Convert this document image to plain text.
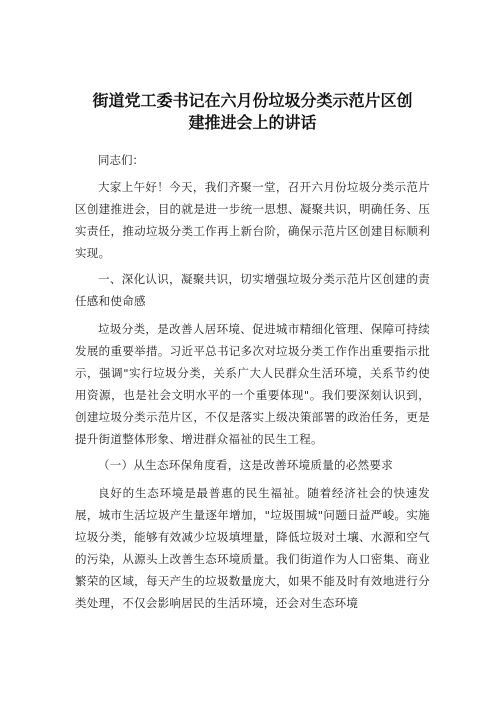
街道党工委书记在六月份垃圾分类示范片区创
建推进会上的讲话

同志们：

大家上午好！今天，我们齐聚一堂，召开六月份垃圾分类示范片区创建推进会，目的就是进一步统一思想、凝聚共识，明确任务、压实责任，推动垃圾分类工作再上新台阶，确保示范片区创建目标顺利实现。

一、深化认识，凝聚共识，切实增强垃圾分类示范片区创建的责任感和使命感

垃圾分类，是改善人居环境、促进城市精细化管理、保障可持续发展的重要举措。习近平总书记多次对垃圾分类工作作出重要指示批示，强调"实行垃圾分类，关系广大人民群众生活环境，关系节约使用资源，也是社会文明水平的一个重要体现"。我们要深刻认识到，创建垃圾分类示范片区，不仅是落实上级决策部署的政治任务，更是提升街道整体形象、增进群众福祉的民生工程。

（一）从生态环保角度看，这是改善环境质量的必然要求

良好的生态环境是最普惠的民生福祉。随着经济社会的快速发展，城市生活垃圾产生量逐年增加，"垃圾围城"问题日益严峻。实施垃圾分类，能够有效减少垃圾填埋量，降低垃圾对土壤、水源和空气的污染，从源头上改善生态环境质量。我们街道作为人口密集、商业繁荣的区域，每天产生的垃圾数量庞大，如果不能及时有效地进行分类处理，不仅会影响居民的生活环境，还会对生态环境
